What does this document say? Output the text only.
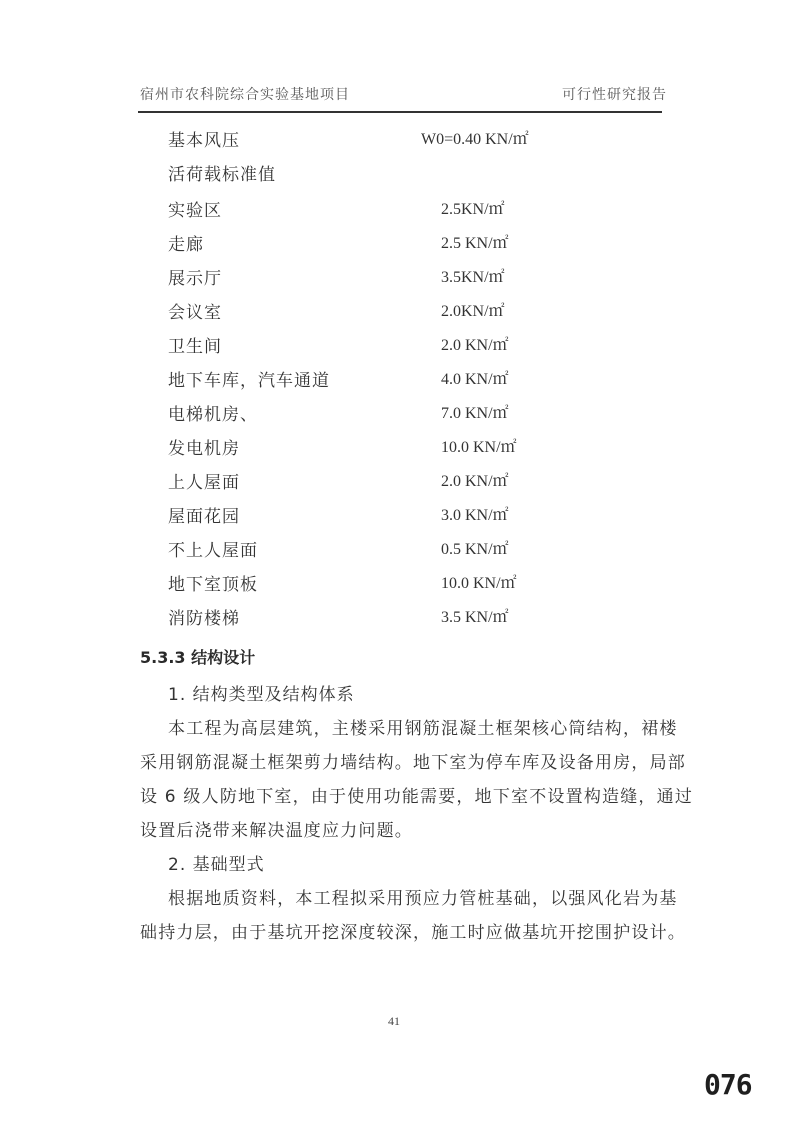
宿州市农科院综合实验基地项目	可行性研究报告
基本风压	W0=0.40 KN/㎡
活荷载标准值
实验区	2.5KN/㎡
走廊	2.5 KN/㎡
展示厅	3.5KN/㎡
会议室	2.0KN/㎡
卫生间	2.0 KN/㎡
地下车库，汽车通道	4.0 KN/㎡
电梯机房、	7.0 KN/㎡
发电机房	10.0 KN/㎡
上人屋面	2.0 KN/㎡
屋面花园	3.0 KN/㎡
不上人屋面	0.5 KN/㎡
地下室顶板	10.0 KN/㎡
消防楼梯	3.5 KN/㎡
5.3.3 结构设计
1. 结构类型及结构体系
本工程为高层建筑，主楼采用钢筋混凝土框架核心筒结构，裙楼
采用钢筋混凝土框架剪力墙结构。地下室为停车库及设备用房，局部
设 6 级人防地下室，由于使用功能需要，地下室不设置构造缝，通过
设置后浇带来解决温度应力问题。
2. 基础型式
根据地质资料，本工程拟采用预应力管桩基础，以强风化岩为基
础持力层，由于基坑开挖深度较深，施工时应做基坑开挖围护设计。
41
076
